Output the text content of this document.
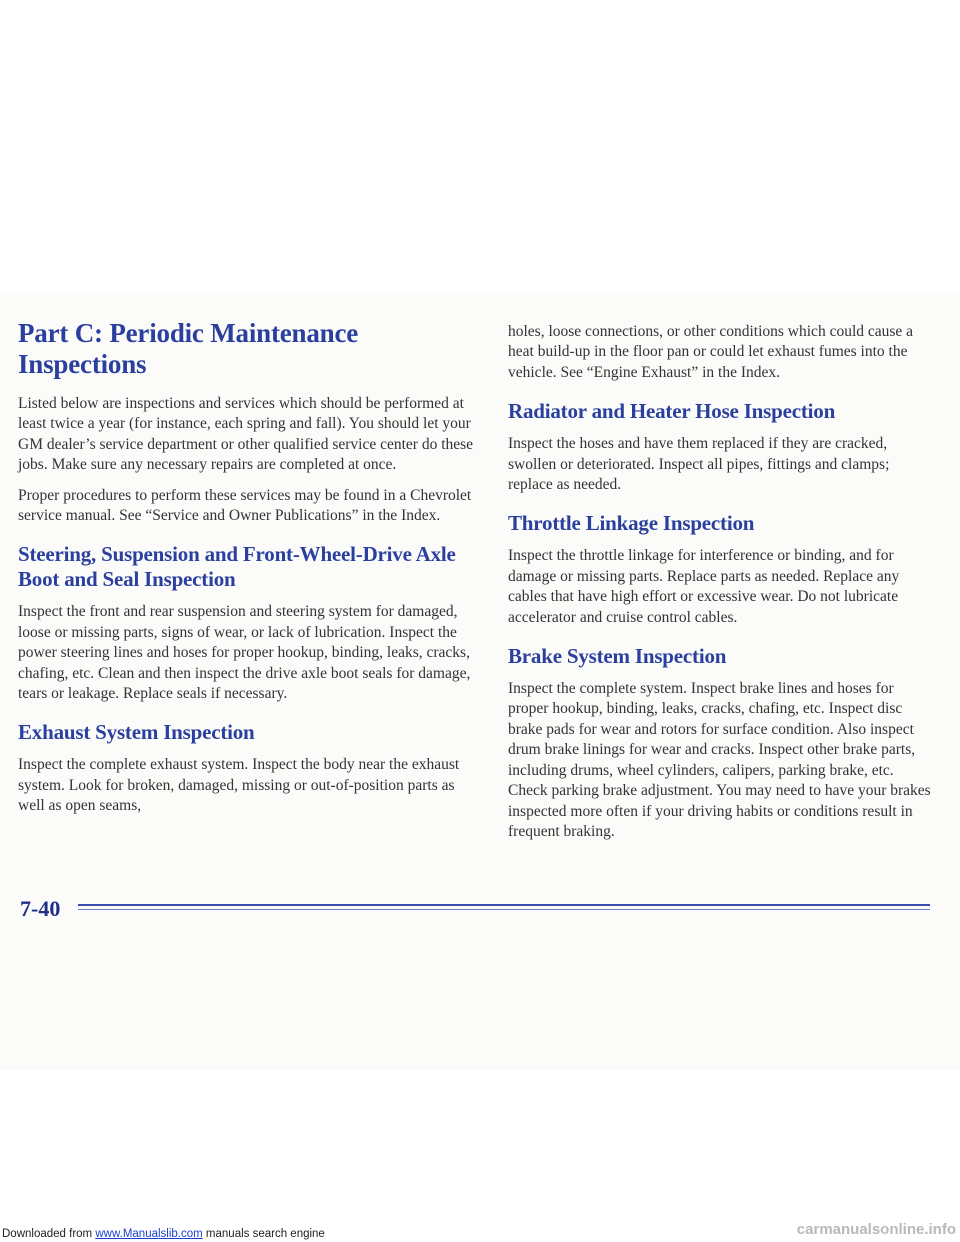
Part C: Periodic Maintenance Inspections

Listed below are inspections and services which should be performed at least twice a year (for instance, each spring and fall). You should let your GM dealer’s service department or other qualified service center do these jobs. Make sure any necessary repairs are completed at once.

Proper procedures to perform these services may be found in a Chevrolet service manual. See “Service and Owner Publications” in the Index.

Steering, Suspension and Front-Wheel-Drive Axle Boot and Seal Inspection

Inspect the front and rear suspension and steering system for damaged, loose or missing parts, signs of wear, or lack of lubrication. Inspect the power steering lines and hoses for proper hookup, binding, leaks, cracks, chafing, etc. Clean and then inspect the drive axle boot seals for damage, tears or leakage. Replace seals if necessary.

Exhaust System Inspection

Inspect the complete exhaust system. Inspect the body near the exhaust system. Look for broken, damaged, missing or out-of-position parts as well as open seams,

holes, loose connections, or other conditions which could cause a heat build-up in the floor pan or could let exhaust fumes into the vehicle. See “Engine Exhaust” in the Index.

Radiator and Heater Hose Inspection

Inspect the hoses and have them replaced if they are cracked, swollen or deteriorated. Inspect all pipes, fittings and clamps; replace as needed.

Throttle Linkage Inspection

Inspect the throttle linkage for interference or binding, and for damage or missing parts. Replace parts as needed. Replace any cables that have high effort or excessive wear. Do not lubricate accelerator and cruise control cables.

Brake System Inspection

Inspect the complete system. Inspect brake lines and hoses for proper hookup, binding, leaks, cracks, chafing, etc. Inspect disc brake pads for wear and rotors for surface condition. Also inspect drum brake linings for wear and cracks. Inspect other brake parts, including drums, wheel cylinders, calipers, parking brake, etc. Check parking brake adjustment. You may need to have your brakes inspected more often if your driving habits or conditions result in frequent braking.

7-40
Downloaded from www.Manualslib.com manuals search engine	carmanualsonline.info
